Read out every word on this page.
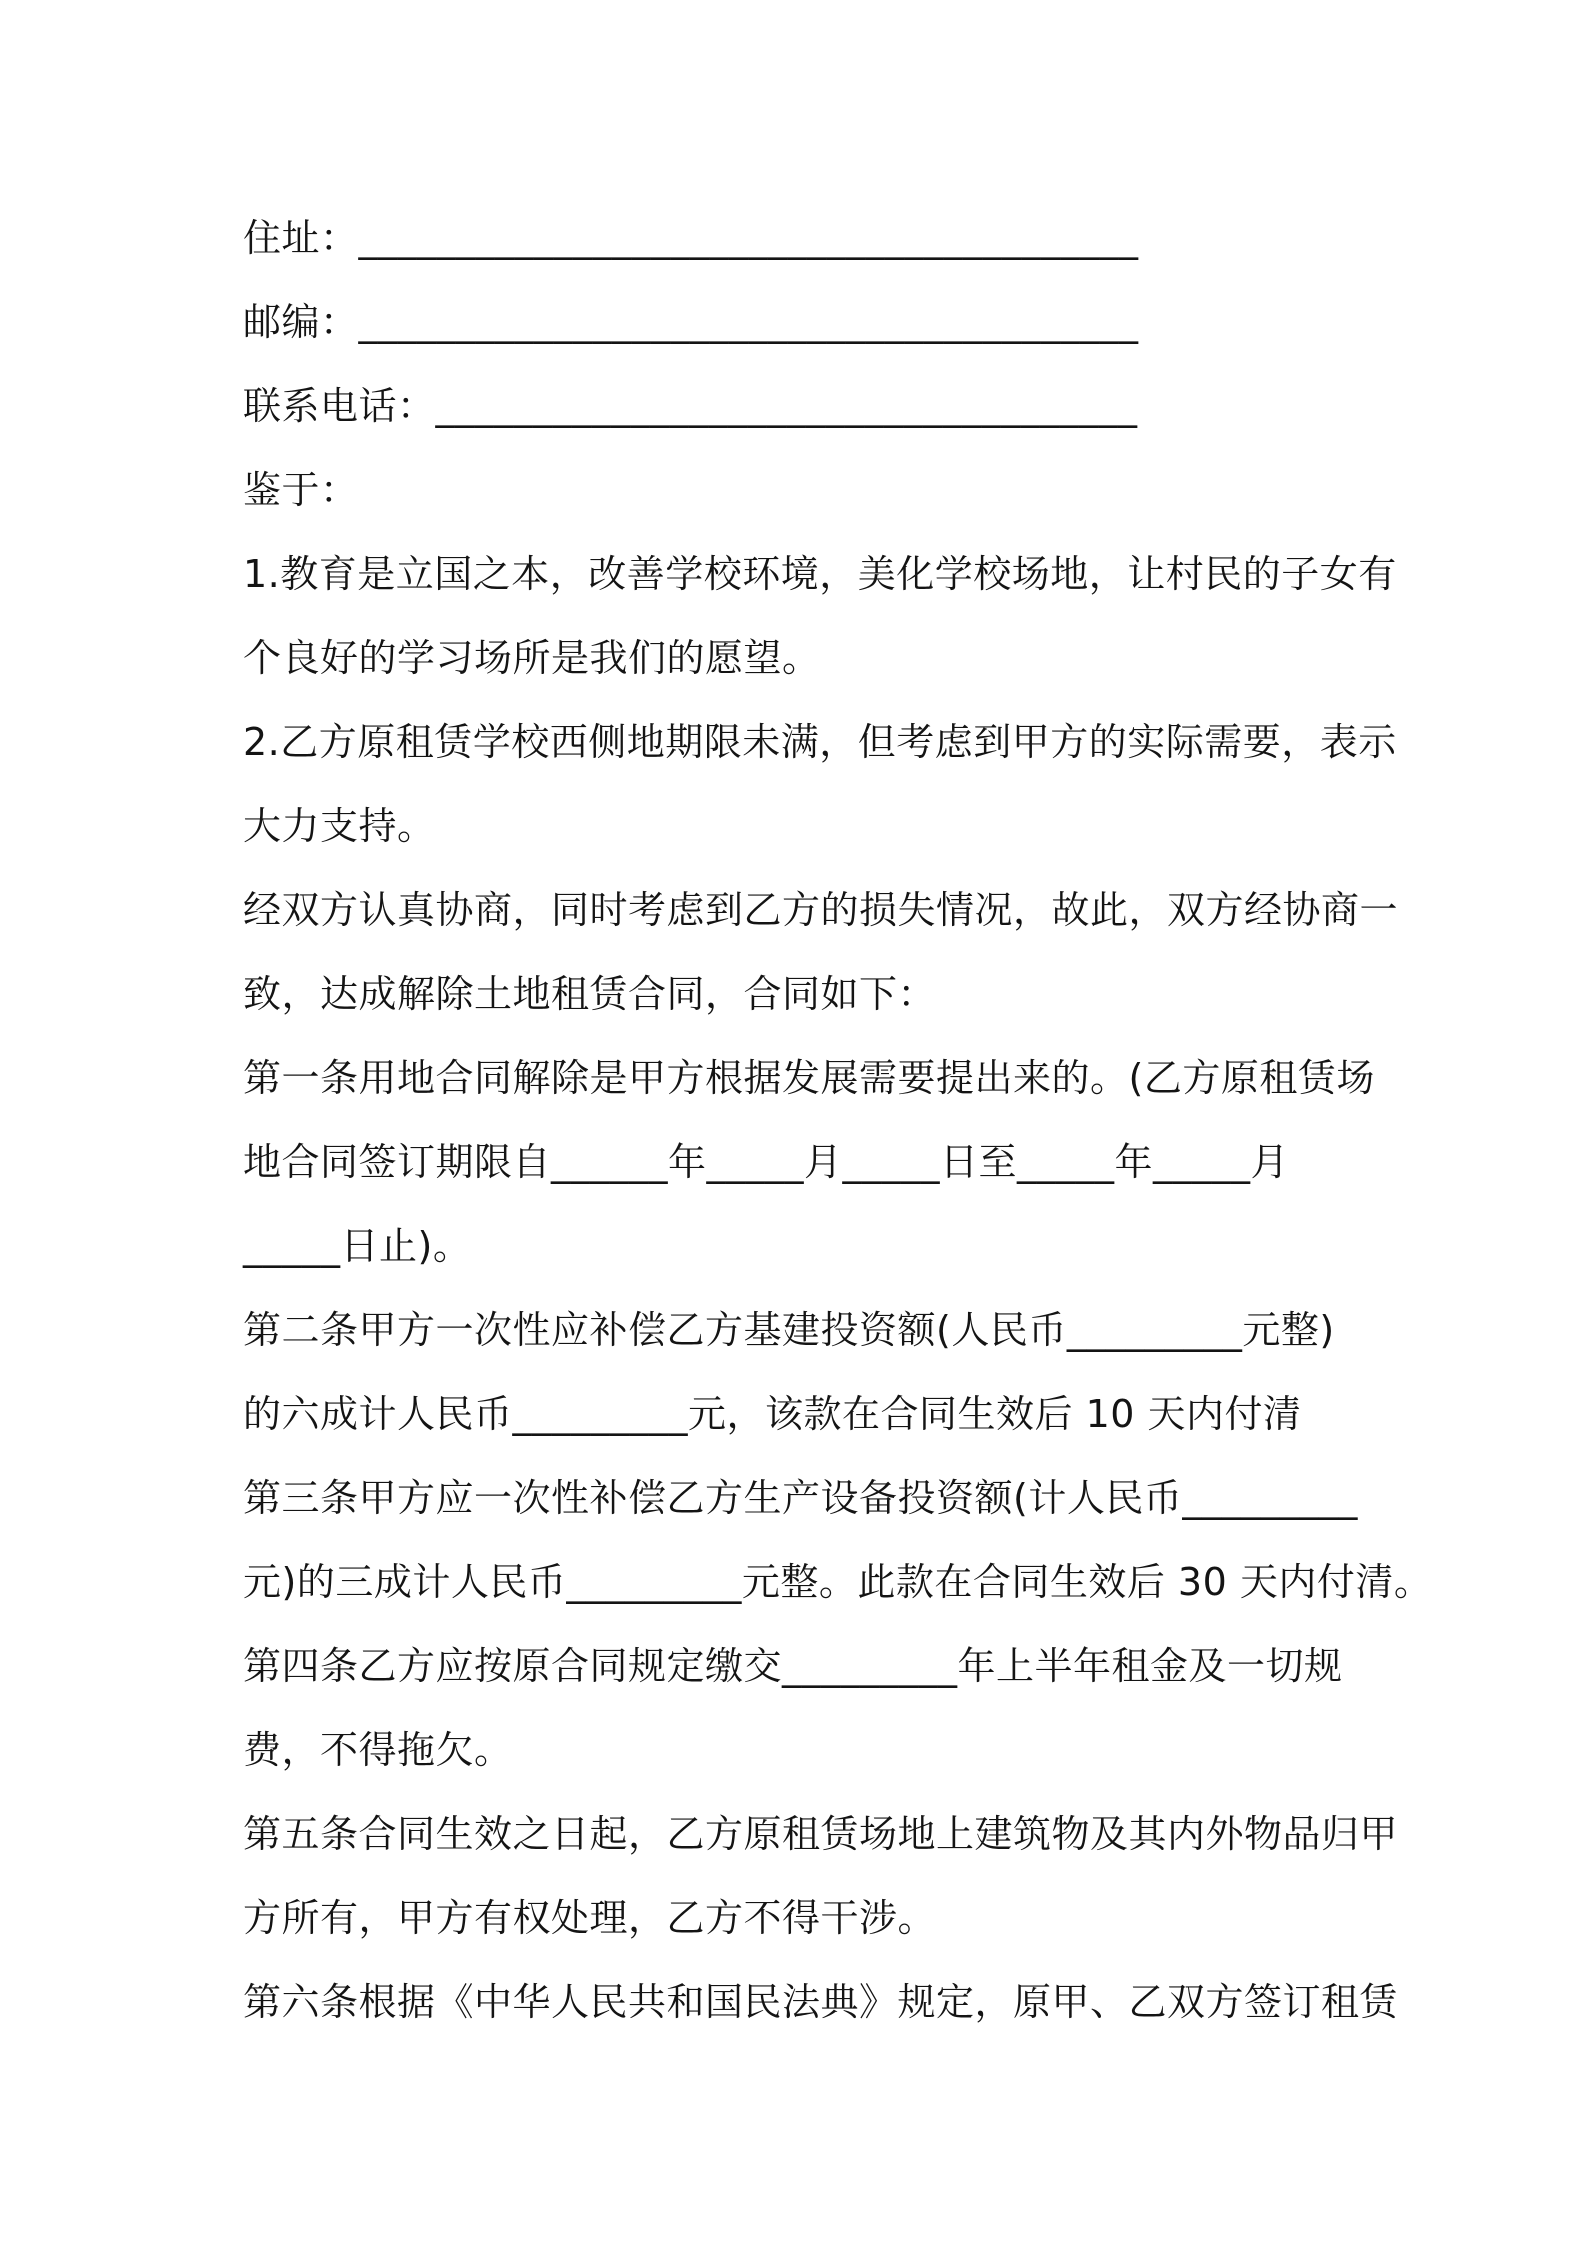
住址：________________________________________
邮编：________________________________________
联系电话：____________________________________
鉴于：
1.教育是立国之本，改善学校环境，美化学校场地，让村民的子女有
个良好的学习场所是我们的愿望。
2.乙方原租赁学校西侧地期限未满，但考虑到甲方的实际需要，表示
大力支持。
经双方认真协商，同时考虑到乙方的损失情况，故此，双方经协商一
致，达成解除土地租赁合同，合同如下：
第一条用地合同解除是甲方根据发展需要提出来的。(乙方原租赁场
地合同签订期限自______年_____月_____日至_____年_____月
_____日止)。
第二条甲方一次性应补偿乙方基建投资额(人民币_________元整)
的六成计人民币_________元，该款在合同生效后 10 天内付清
第三条甲方应一次性补偿乙方生产设备投资额(计人民币_________
元)的三成计人民币_________元整。此款在合同生效后 30 天内付清。
第四条乙方应按原合同规定缴交_________年上半年租金及一切规
费，不得拖欠。
第五条合同生效之日起，乙方原租赁场地上建筑物及其内外物品归甲
方所有，甲方有权处理，乙方不得干涉。
第六条根据《中华人民共和国民法典》规定，原甲、乙双方签订租赁
